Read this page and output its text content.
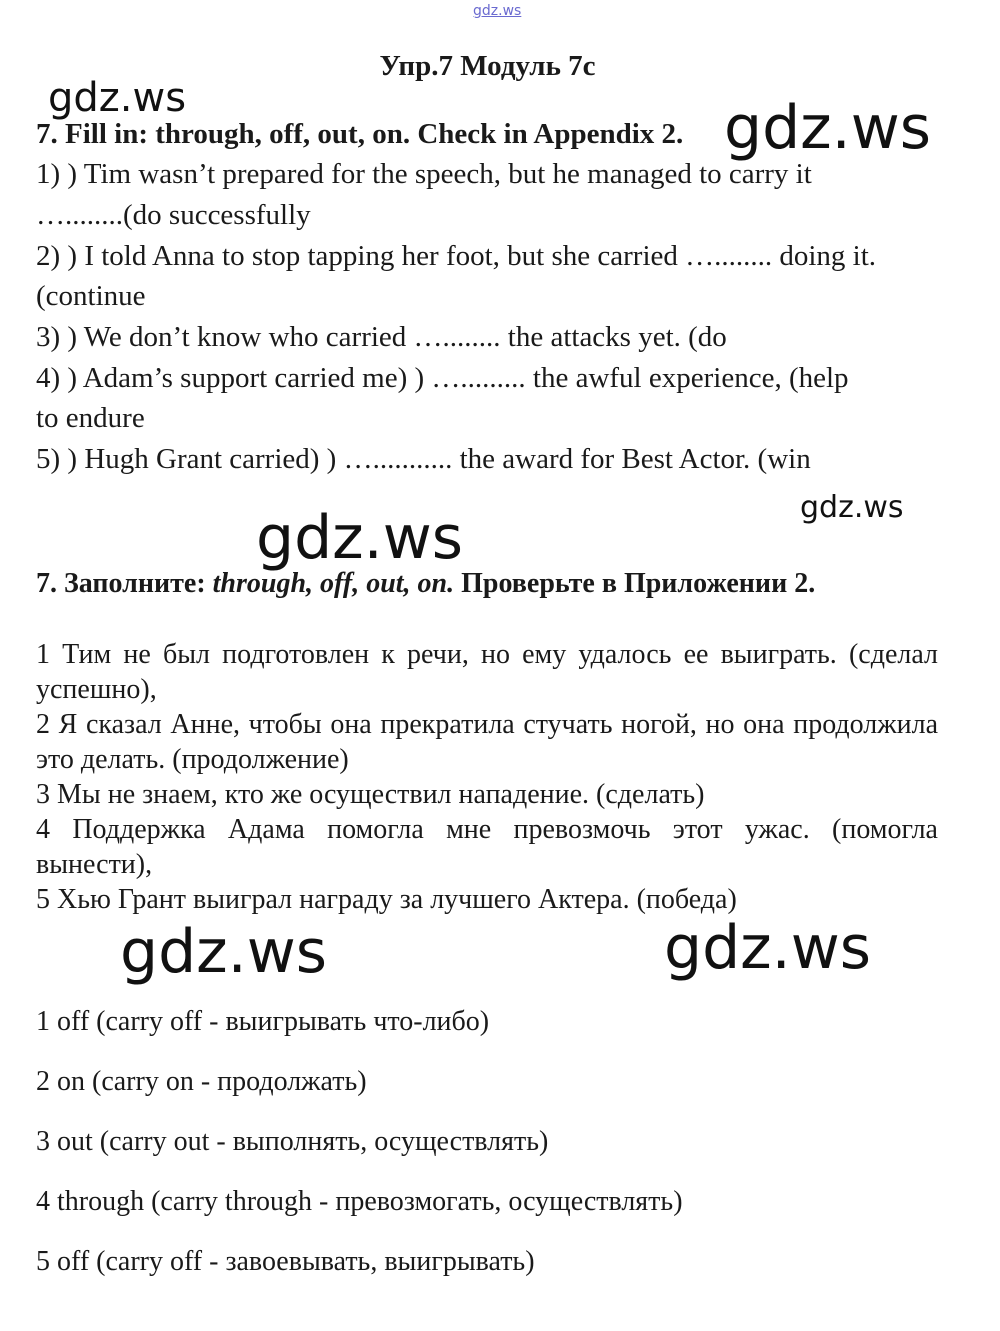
gdz.ws
gdz.ws	gdz.ws
gdz.ws
gdz.ws
gdz.ws	gdz.ws
Упр.7 Модуль 7c
7. Fill in: through, off, out, on. Check in Appendix 2.
1) ) Tim wasn’t prepared for the speech, but he managed to carry it
…........(do successfully
2) ) I told Anna to stop tapping her foot, but she carried …........ doing it.
(continue
3) ) We don’t know who carried …........ the attacks yet. (do
4) ) Adam’s support carried me) ) …......... the awful experience, (help
to endure
5) ) Hugh Grant carried) ) …........... the award for Best Actor. (win
7. Заполните: through, off, out, on. Проверьте в Приложении 2.

1 Тим не был подготовлен к речи, но ему удалось ее выиграть. (сделал успешно),

2 Я сказал Анне, чтобы она прекратила стучать ногой, но она продолжила это делать. (продолжение)

3 Мы не знаем, кто же осуществил нападение. (сделать)

4 Поддержка Адама помогла мне превозмочь этот ужас. (помогла вынести),

5 Хью Грант выиграл награду за лучшего Актера. (победа)

1 off (carry off - выигрывать что-либо)
2 on (carry on - продолжать)
3 out (carry out - выполнять, осуществлять)
4 through (carry through - превозмогать, осуществлять)
5 off (carry off - завоевывать, выигрывать)
